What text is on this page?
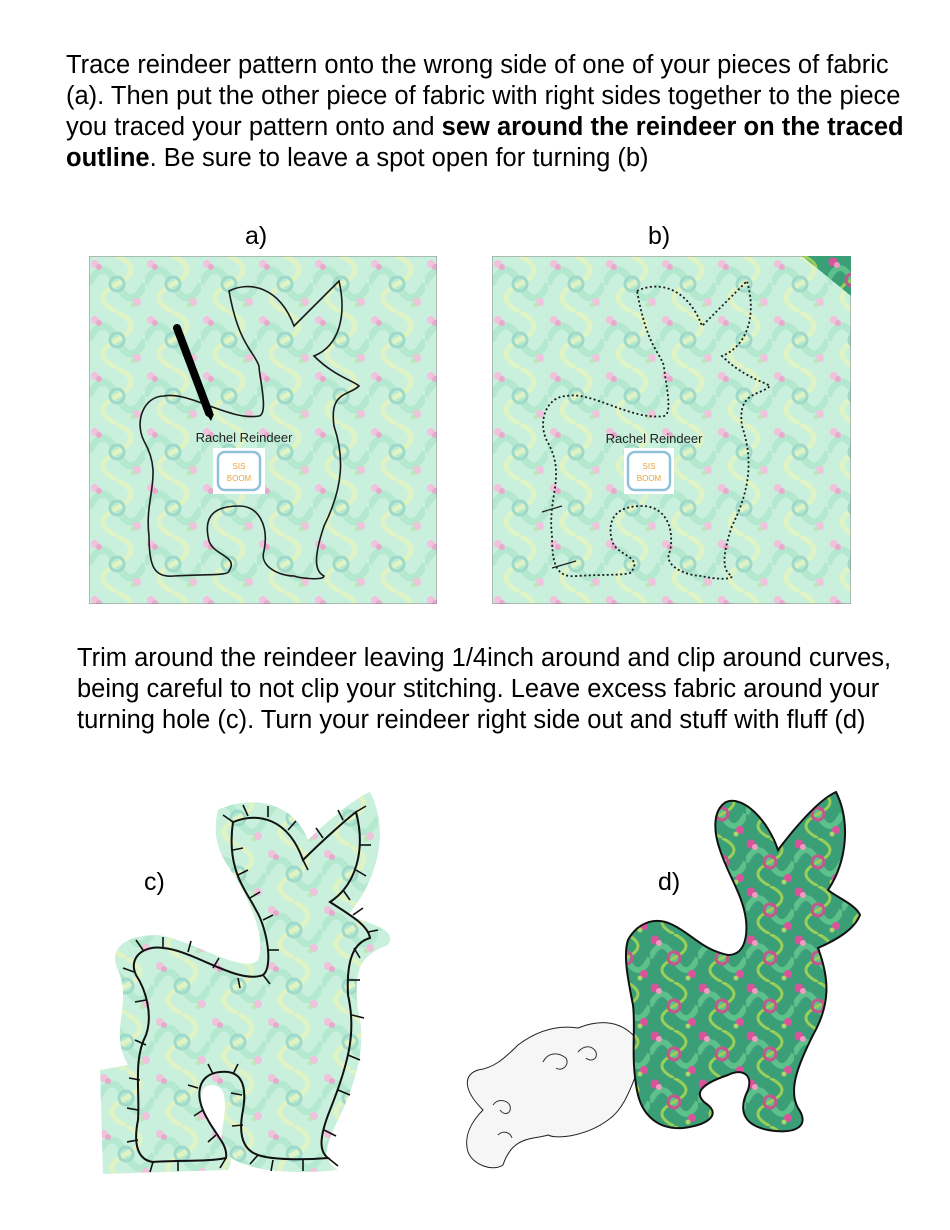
Trace reindeer pattern onto the wrong side of one of your pieces of fabric (a). Then put the other piece of fabric with right sides together to the piece you traced your pattern onto and sew around the reindeer on the traced outline. Be sure to leave a spot open for turning (b)

a)	b)
Rachel Reindeer
SIS
BOOM
Rachel Reindeer
SIS
BOOM

Trim around the reindeer leaving 1/4inch around and clip around curves, being careful to not clip your stitching. Leave excess fabric around your turning hole (c). Turn your reindeer right side out and stuff with fluff (d)

c)	d)
